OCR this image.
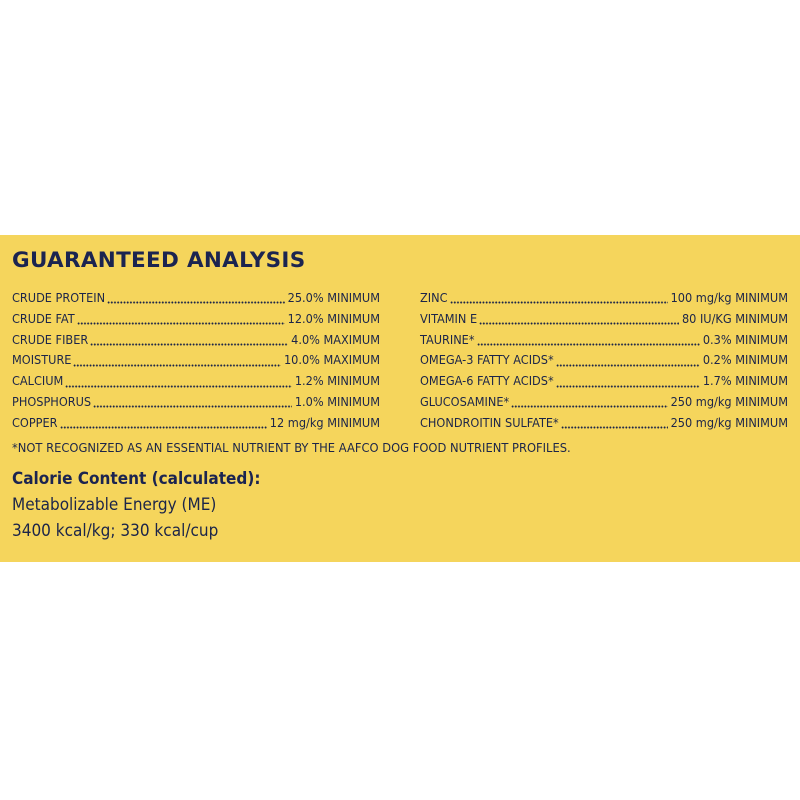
GUARANTEED ANALYSIS
CRUDE PROTEIN	25.0% MINIMUM
CRUDE FAT	12.0% MINIMUM
CRUDE FIBER	4.0% MAXIMUM
MOISTURE	10.0% MAXIMUM
CALCIUM	1.2% MINIMUM
PHOSPHORUS	1.0% MINIMUM
COPPER	12 mg/kg MINIMUM
ZINC	100 mg/kg MINIMUM
VITAMIN E	80 IU/KG MINIMUM
TAURINE*	0.3% MINIMUM
OMEGA-3 FATTY ACIDS*	0.2% MINIMUM
OMEGA-6 FATTY ACIDS*	1.7% MINIMUM
GLUCOSAMINE*	250 mg/kg MINIMUM
CHONDROITIN SULFATE*	250 mg/kg MINIMUM

*NOT RECOGNIZED AS AN ESSENTIAL NUTRIENT BY THE AAFCO DOG FOOD NUTRIENT PROFILES.

Calorie Content (calculated):

Metabolizable Energy (ME)

3400 kcal/kg; 330 kcal/cup
